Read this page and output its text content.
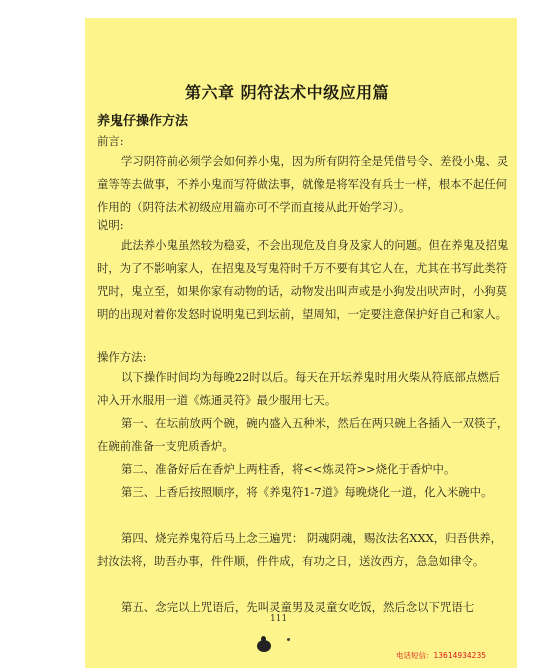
第六章 阴符法术中级应用篇
养鬼仔操作方法

前言:

学习阴符前必须学会如何养小鬼，因为所有阴符全是凭借号令、差役小鬼、灵童等等去做事，不养小鬼而写符做法事，就像是将军没有兵士一样，根本不起任何作用的（阴符法术初级应用篇亦可不学而直接从此开始学习）。

说明:

此法养小鬼虽然较为稳妥，不会出现危及自身及家人的问题。但在养鬼及招鬼时，为了不影响家人，在招鬼及写鬼符时千万不要有其它人在，尤其在书写此类符咒时，鬼立至，如果你家有动物的话，动物发出叫声或是小狗发出吠声时，小狗莫明的出现对着你发怒时说明鬼已到坛前，望周知，一定要注意保护好自己和家人。

操作方法:

以下操作时间均为每晚22时以后。每天在开坛养鬼时用火柴从符底部点燃后冲入开水服用一道《炼通灵符》最少服用七天。

第一、在坛前放两个碗，碗内盛入五种米，然后在两只碗上各插入一双筷子，在碗前准备一支兜质香炉。

第二、准备好后在香炉上两柱香，将<<炼灵符>>烧化于香炉中。

第三、上香后按照顺序，将《养鬼符1-7道》每晚烧化一道，化入米碗中。

第四、烧完养鬼符后马上念三遍咒： 阴魂阴魂，赐汝法名XXX，归吾供养，封汝法将，助吾办事，件件顺，件件成，有功之日，送汝西方，急急如律令。

第五、念完以上咒语后，先叫灵童男及灵童女吃饭，然后念以下咒语七

111

电话短信：13614934235
